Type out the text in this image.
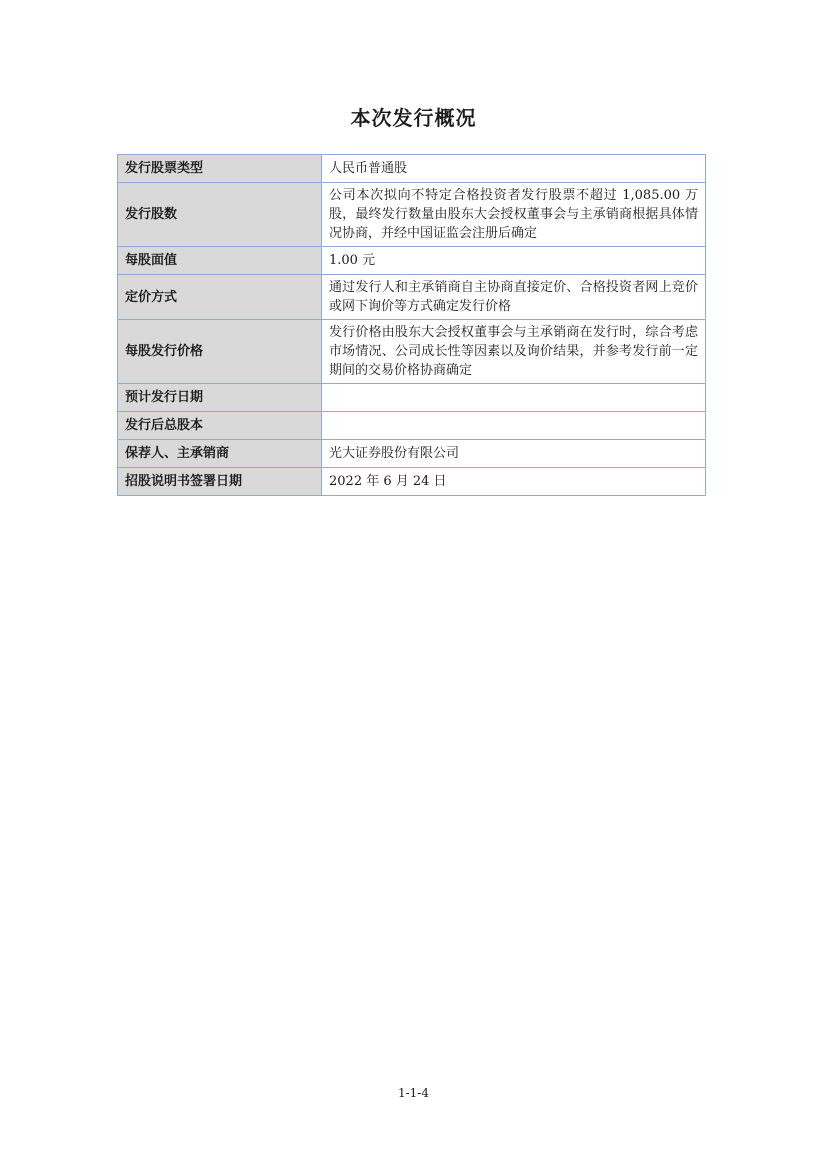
本次发行概况
发行股票类型	人民币普通股
发行股数	公司本次拟向不特定合格投资者发行股票不超过 1,085.00 万股，最终发行数量由股东大会授权董事会与主承销商根据具体情况协商，并经中国证监会注册后确定
每股面值	1.00 元
定价方式	通过发行人和主承销商自主协商直接定价、合格投资者网上竞价或网下询价等方式确定发行价格
每股发行价格	发行价格由股东大会授权董事会与主承销商在发行时，综合考虑市场情况、公司成长性等因素以及询价结果，并参考发行前一定期间的交易价格协商确定
预计发行日期	
发行后总股本	
保荐人、主承销商	光大证券股份有限公司
招股说明书签署日期	2022 年 6 月 24 日
1-1-4
